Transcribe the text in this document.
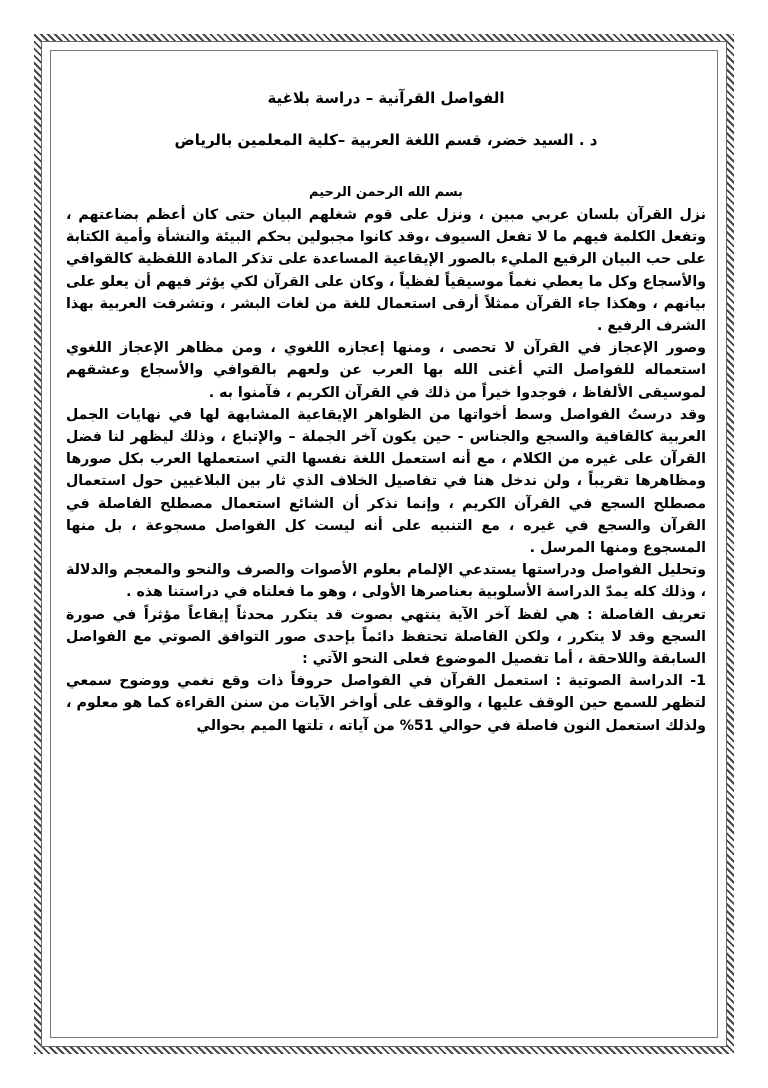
الفواصل القرآنية – دراسة بلاغية
د . السيد خضر، قسم اللغة العربية –كلية المعلمين بالرياض
بسم الله الرحمن الرحيم

نزل القرآن بلسان عربي مبين ، ونزل على قوم شغلهم البيان حتى كان أعظم بضاعتهم ، وتفعل الكلمة فيهم ما لا تفعل السيوف ،وقد كانوا مجبولين بحكم البيئة والنشأة وأمية الكتابة على حب البيان الرفيع المليء بالصور الإيقاعية المساعدة على تذكر المادة اللفظية كالقوافي والأسجاع وكل ما يعطي نغماً موسيقياً لفظياً ، وكان على القرآن لكي يؤثر فيهم أن يعلو على بيانهم ، وهكذا جاء القرآن ممثلاً أرقى استعمال للغة من لغات البشر ، وتشرفت العربية بهذا الشرف الرفيع .

وصور الإعجاز في القرآن لا تحصى ، ومنها إعجازه اللغوي ، ومن مظاهر الإعجاز اللغوي استعماله للفواصل التي أغنى الله بها العرب عن ولعهم بالقوافي والأسجاع وعشقهم لموسيقى الألفاظ ، فوجدوا خيراً من ذلك في القرآن الكريم ، فآمنوا به .

وقد درستُ الفواصل وسط أخواتها من الظواهر الإيقاعية المشابهة لها في نهايات الجمل العربية كالقافية والسجع والجناس - حين يكون آخر الجملة – والإتباع ، وذلك ليظهر لنا فضل القرآن على غيره من الكلام ، مع أنه استعمل اللغة نفسها التي استعملها العرب بكل صورها ومظاهرها تقريباً ، ولن ندخل هنا في تفاصيل الخلاف الذي ثار بين البلاغيين حول استعمال مصطلح السجع في القرآن الكريم ، وإنما نذكر أن الشائع استعمال مصطلح الفاصلة في القرآن والسجع في غيره ، مع التنبيه على أنه ليست كل الفواصل مسجوعة ، بل منها المسجوع ومنها المرسل .

وتحليل الفواصل ودراستها يستدعي الإلمام بعلوم الأصوات والصرف والنحو والمعجم والدلالة ، وذلك كله يمدّ الدراسة الأسلوبية بعناصرها الأولى ، وهو ما فعلناه في دراستنا هذه .

تعريف الفاصلة : هي لفظ آخر الآية ينتهي بصوت قد يتكرر محدثاً إيقاعاً مؤثراً في صورة السجع وقد لا يتكرر ، ولكن الفاصلة تحتفظ دائماً بإحدى صور التوافق الصوتي مع الفواصل السابقة واللاحقة ، أما تفصيل الموضوع فعلى النحو الآتي :

1- الدراسة الصوتية : استعمل القرآن في الفواصل حروفاً ذات وقع نغمي ووضوح سمعي لتظهر للسمع حين الوقف عليها ، والوقف على أواخر الآيات من سنن القراءة كما هو معلوم ، ولذلك استعمل النون فاصلة في حوالي 51% من آياته ، تلتها الميم بحوالي
